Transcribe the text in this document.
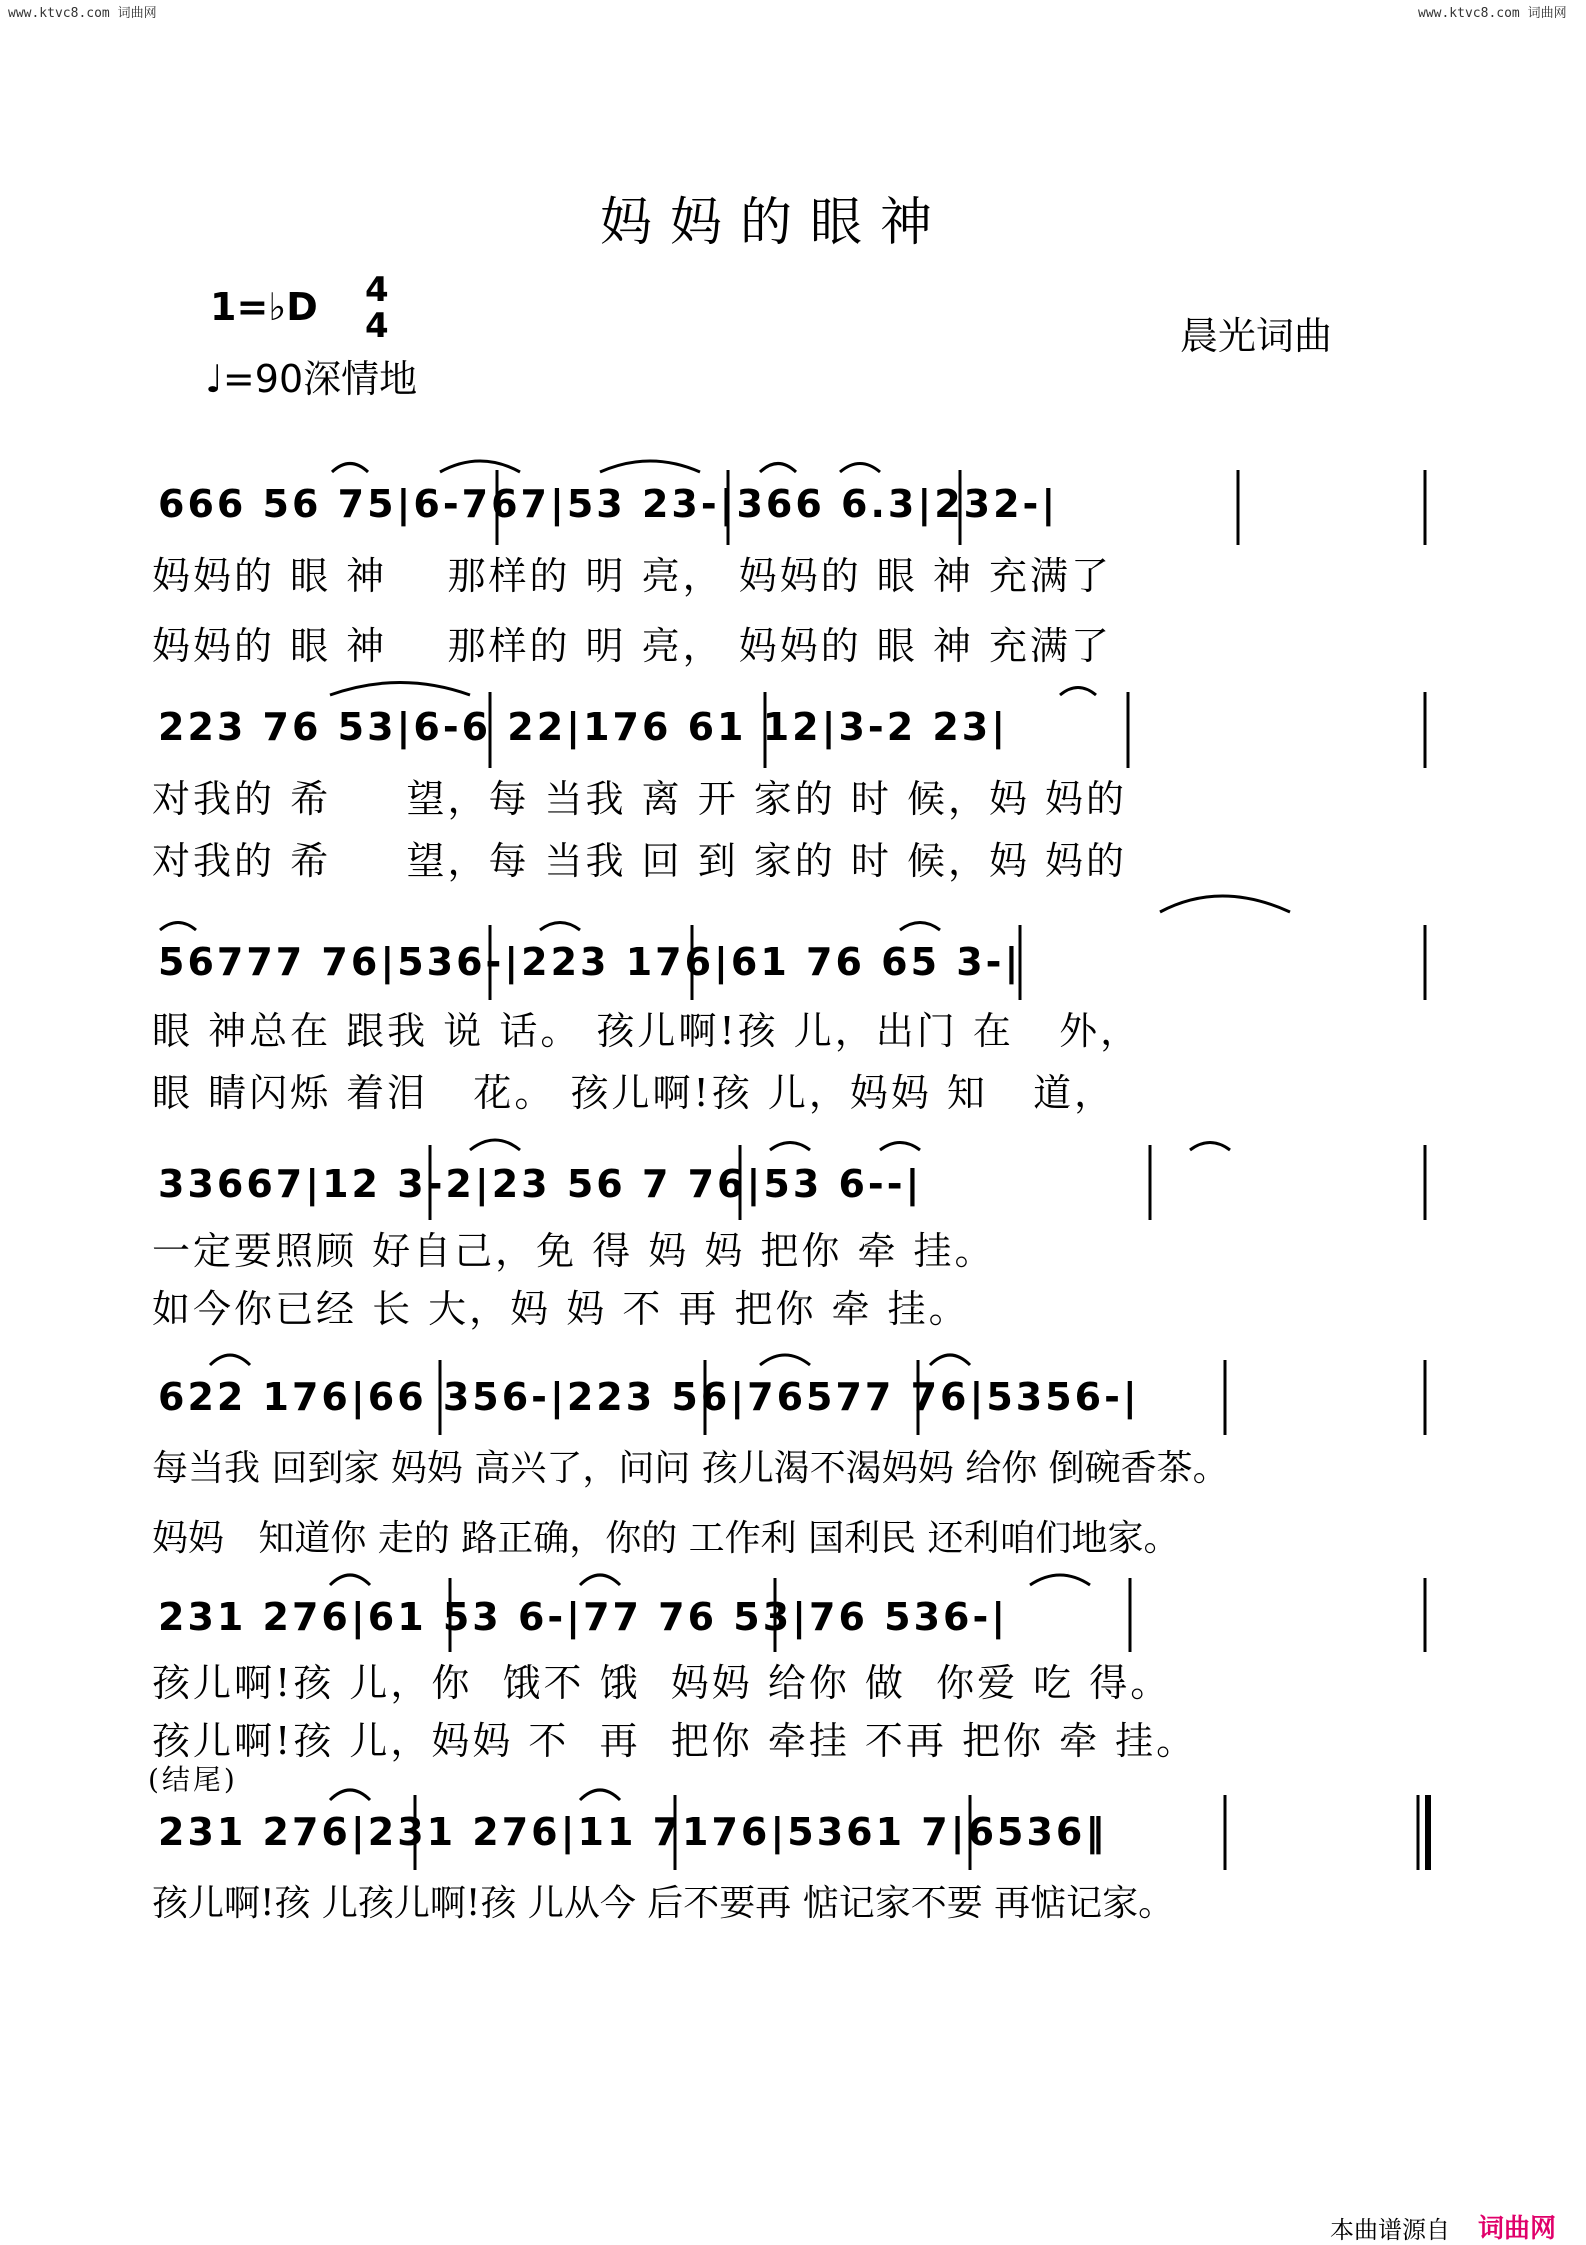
www.ktvc8.com 词曲网	www.ktvc8.com 词曲网
妈妈的眼神
1=♭D 4
4
♩=90深情地
晨光词曲
666 56 75|6-767|53 23-|366 6.3|232-|
妈妈的 眼 神    那样的 明 亮， 妈妈的 眼 神 充满了
妈妈的 眼 神    那样的 明 亮， 妈妈的 眼 神 充满了
223 76 53|6-6 22|176 61 12|3-2 23|
对我的 希     望，每 当我 离 开 家的 时 候，妈 妈的
对我的 希     望，每 当我 回 到 家的 时 候，妈 妈的
56777 76|536-|223 176|61 76 65 3-|
眼 神总在 跟我 说 话。 孩儿啊!孩 儿，出门 在   外，
眼 睛闪烁 着泪   花。 孩儿啊!孩 儿，妈妈 知   道，
33667|12 3-2|23 56 7 76|53 6--|
一定要照顾 好自己，免 得 妈 妈 把你 牵 挂。
如今你已经 长 大，妈 妈 不 再 把你 牵 挂。
622 176|66 356-|223 56|76577 76|5356-|
每当我 回到家 妈妈 高兴了，问问 孩儿渴不渴妈妈 给你 倒碗香茶。
妈妈   知道你 走的 路正确，你的 工作利 国利民 还利咱们地家。
231 276|61 53 6-|77 76 53|76 536-|
孩儿啊!孩 儿，你  饿不 饿  妈妈 给你 做  你爱 吃 得。
孩儿啊!孩 儿，妈妈 不  再  把你 牵挂 不再 把你 牵 挂。
(结尾)
231 276|231 276|11 7176|5361 7|6536‖
孩儿啊!孩 儿孩儿啊!孩 儿从今 后不要再 惦记家不要 再惦记家。
本曲谱源自 词曲网
